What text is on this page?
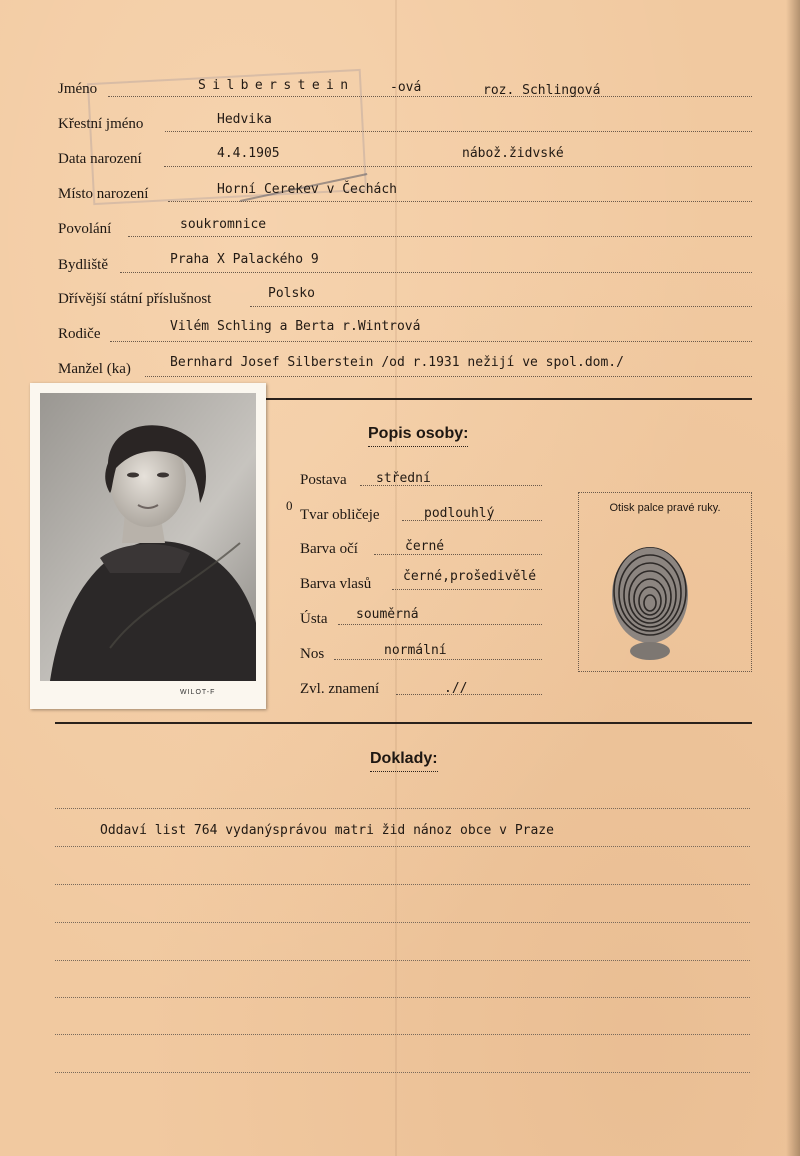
Jméno	Silberstein	-ová	roz. Schlingová
Křestní jméno	Hedvika
Data narození	4.4.1905	nábož.židvské
Místo narození	Horní Cerekev v Čechách
Povolání	soukromnice
Bydliště	Praha X Palackého 9
Dřívější státní příslušnost	Polsko
Rodiče	Vilém Schling a Berta r.Wintrová
Manžel (ka)	Bernhard Josef Silberstein /od r.1931 nežijí ve spol.dom./
WILOT-F
Popis osoby:
0
Postava střední
Tvar obličeje	podlouhlý
Barva očí	černé
Barva vlasů černé,prošedivělé
Ústa souměrná
Nos	normální
Zvl. znamení	.//
Otisk palce pravé ruky.
Doklady:
Oddaví list 764 vydanýsprávou matri žid nánoz obce v Praze
